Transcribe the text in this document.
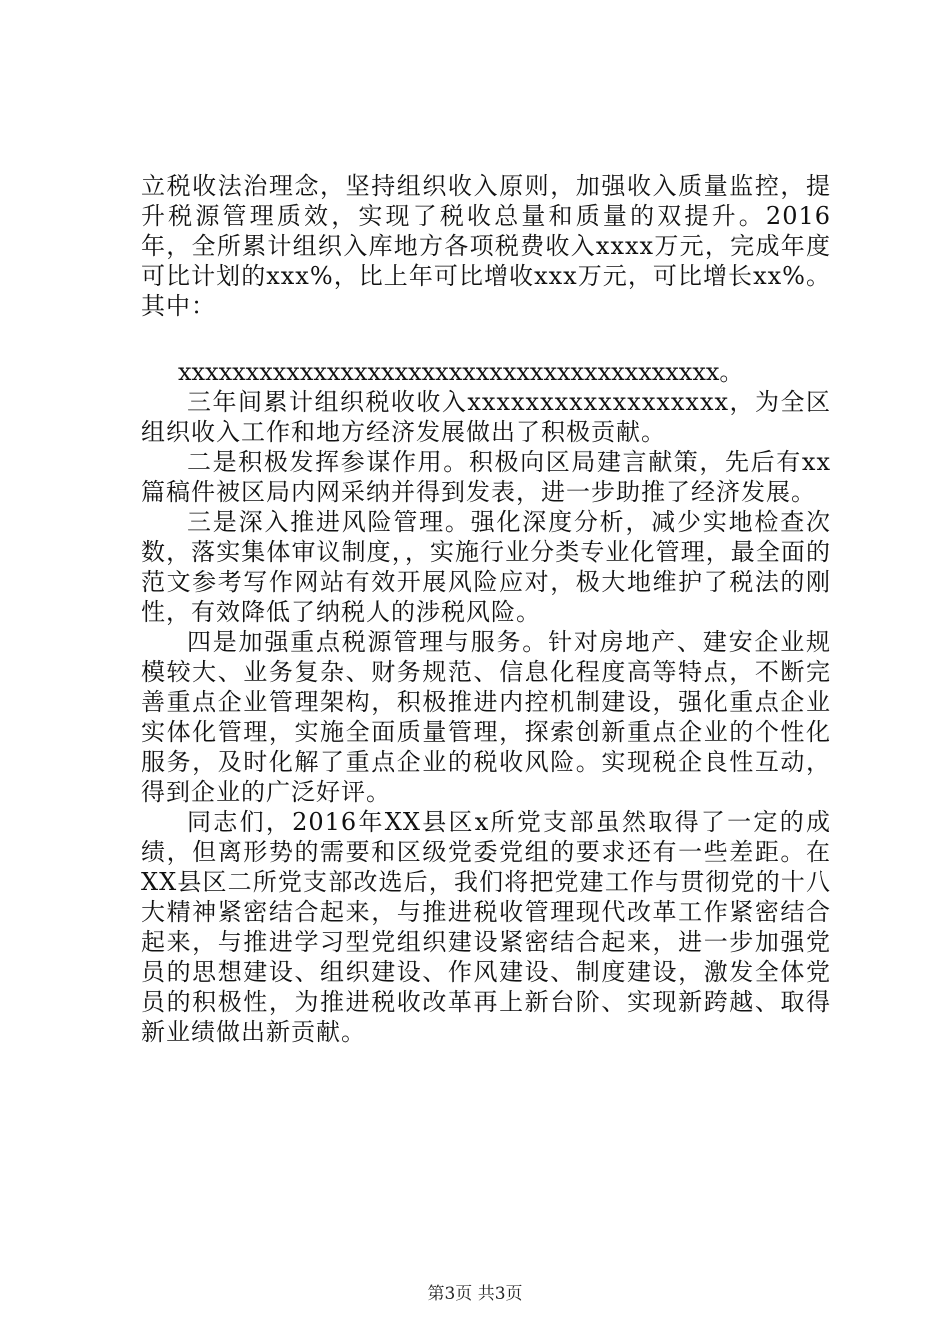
立税收法治理念，坚持组织收入原则，加强收入质量监控，提升税源管理质效，实现了税收总量和质量的双提升。2016年，全所累计组织入库地方各项税费收入xxxx万元，完成年度可比计划的xxx%，比上年可比增收xxx万元，可比增长xx%。其中：

xxxxxxxxxxxxxxxxxxxxxxxxxxxxxxxxxxxxxxxx。

三年间累计组织税收收入xxxxxxxxxxxxxxxxxx，为全区组织收入工作和地方经济发展做出了积极贡献。

二是积极发挥参谋作用。积极向区局建言献策，先后有xx篇稿件被区局内网采纳并得到发表，进一步助推了经济发展。

三是深入推进风险管理。强化深度分析，减少实地检查次数，落实集体审议制度，，实施行业分类专业化管理，最全面的范文参考写作网站有效开展风险应对，极大地维护了税法的刚性，有效降低了纳税人的涉税风险。

四是加强重点税源管理与服务。针对房地产、建安企业规模较大、业务复杂、财务规范、信息化程度高等特点，不断完善重点企业管理架构，积极推进内控机制建设，强化重点企业实体化管理，实施全面质量管理，探索创新重点企业的个性化服务，及时化解了重点企业的税收风险。实现税企良性互动，得到企业的广泛好评。

同志们，2016年XX县区x所党支部虽然取得了一定的成绩，但离形势的需要和区级党委党组的要求还有一些差距。在XX县区二所党支部改选后，我们将把党建工作与贯彻党的十八大精神紧密结合起来，与推进税收管理现代改革工作紧密结合起来，与推进学习型党组织建设紧密结合起来，进一步加强党员的思想建设、组织建设、作风建设、制度建设，激发全体党员的积极性，为推进税收改革再上新台阶、实现新跨越、取得新业绩做出新贡献。

第3页 共3页
